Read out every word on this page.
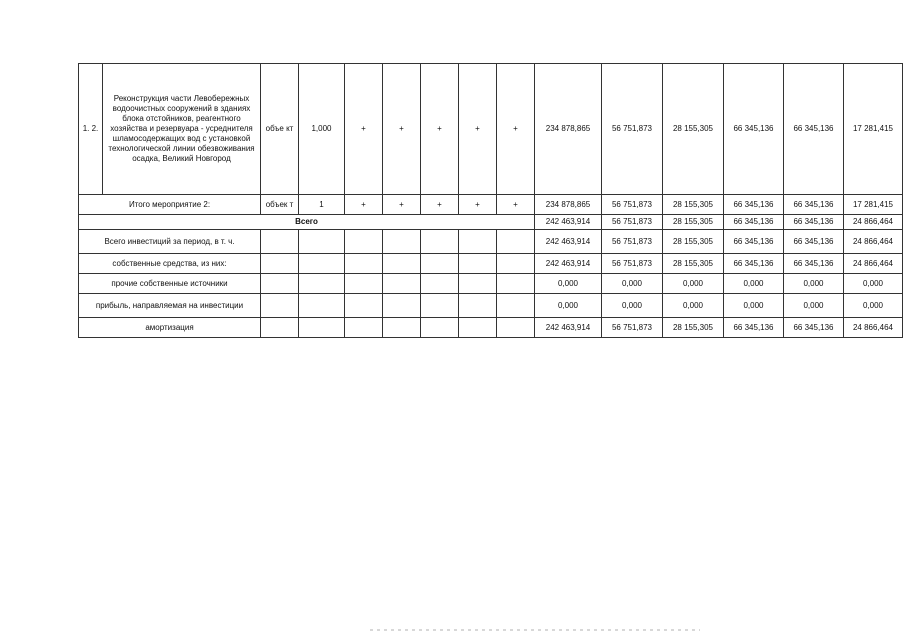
1. 2.	Реконструкция части Левобережных водоочистных сооружений в зданиях блока отстойников, реагентного хозяйства и резервуара - усреднителя шламосодержащих вод с установкой технологической линии обезвоживания осадка, Великий Новгород	объе кт	1,000	+	+	+	+	+	234 878,865	56 751,873	28 155,305	66 345,136	66 345,136	17 281,415
Итого мероприятие 2:		объек т	1	+	+	+	+	+	234 878,865	56 751,873	28 155,305	66 345,136	66 345,136	17 281,415
Всего									242 463,914	56 751,873	28 155,305	66 345,136	66 345,136	24 866,464
Всего инвестиций за период, в т. ч.									242 463,914	56 751,873	28 155,305	66 345,136	66 345,136	24 866,464
собственные средства, из них:									242 463,914	56 751,873	28 155,305	66 345,136	66 345,136	24 866,464
прочие собственные источники									0,000	0,000	0,000	0,000	0,000	0,000
прибыль, направляемая на инвестиции									0,000	0,000	0,000	0,000	0,000	0,000
амортизация									242 463,914	56 751,873	28 155,305	66 345,136	66 345,136	24 866,464
